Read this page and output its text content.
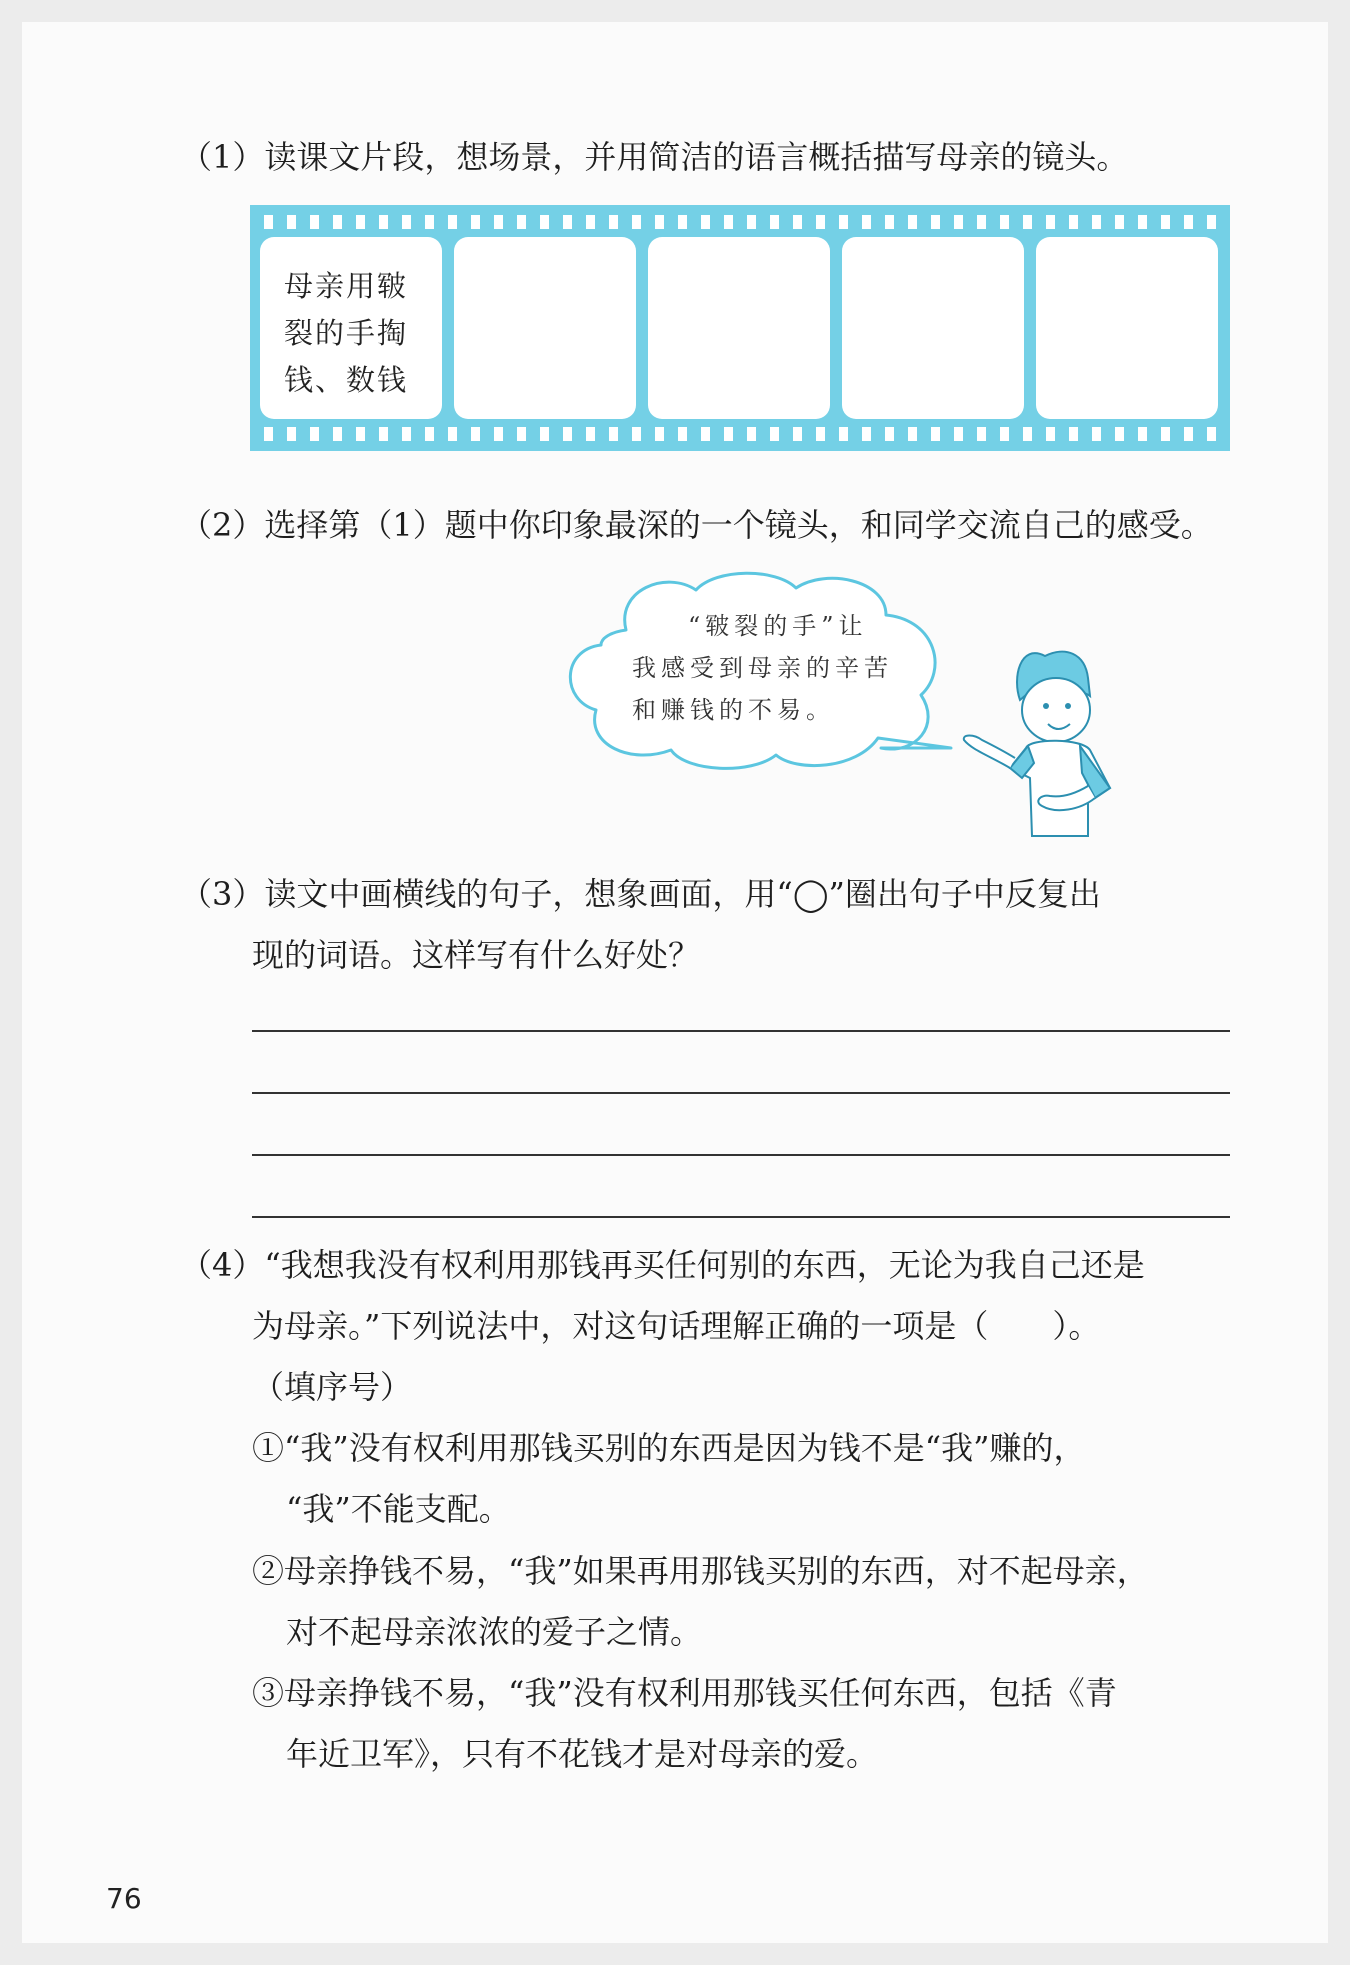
（1）读课文片段，想场景，并用简洁的语言概括描写母亲的镜头。
母亲用皲
裂的手掏
钱、数钱
（2）选择第（1）题中你印象最深的一个镜头，和同学交流自己的感受。
“皲裂的手”让
我感受到母亲的辛苦
和赚钱的不易。
（3）读文中画横线的句子，想象画面，用“◯”圈出句子中反复出
现的词语。这样写有什么好处？
（4）“我想我没有权利用那钱再买任何别的东西，无论为我自己还是
为母亲。”下列说法中，对这句话理解正确的一项是（　　）。
（填序号）
①“我”没有权利用那钱买别的东西是因为钱不是“我”赚的，
“我”不能支配。
②母亲挣钱不易，“我”如果再用那钱买别的东西，对不起母亲，
对不起母亲浓浓的爱子之情。
③母亲挣钱不易，“我”没有权利用那钱买任何东西，包括《青
年近卫军》，只有不花钱才是对母亲的爱。
76
